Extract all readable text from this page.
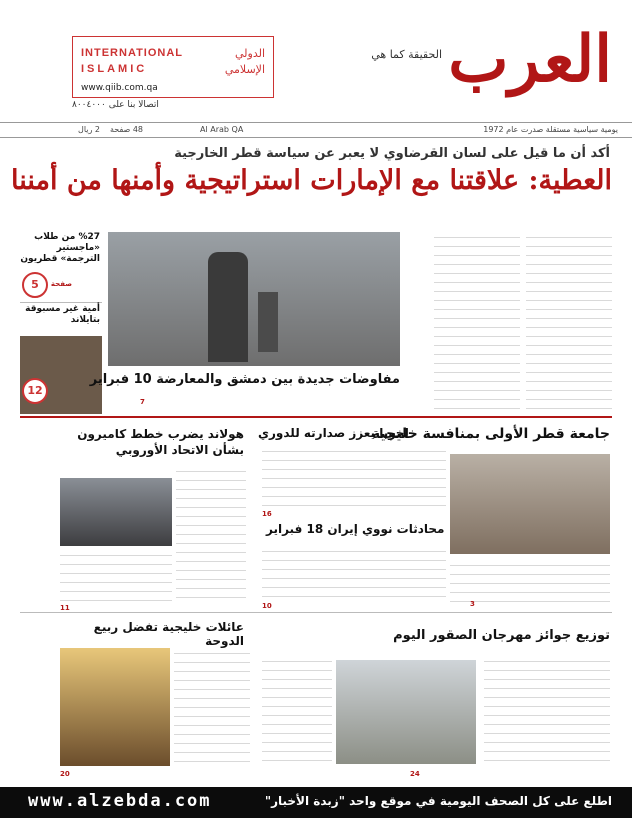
العرب
الحقيقة كما هي
INTERNATIONAL
ISLAMIC
الدولي
الإسلامي
www.qiib.com.qa
اتصالا بنا على ٨٠٠٤٠٠٠
يومية سياسية مستقلة صدرت عام 1972
Al Arab QA
48 صفحة
2 ريال
أكد أن ما قيل على لسان القرضاوي لا يعبر عن سياسة قطر الخارجية
العطية: علاقتنا مع الإمارات استراتيجية وأمنها من أمننا
%27 من طلاب «ماجستير الترجمة» قطريون
5	صفحة
أمية غير مسبوقة بتايلاند
12
مفاوضات جديدة بين دمشق والمعارضة 10 فبراير
7
جامعة قطر الأولى بمنافسة خليجية
3
لخويا يعزز صدارته للدوري
16
محادثات نووي إيران 18 فبراير
10
هولاند يضرب خطط كاميرون بشأن الاتحاد الأوروبي
11
عائلات خليجية تفضل ربيع الدوحة
20
توزيع جوائز مهرجان الصقور اليوم
24
www.alzebda.com	اطلع على كل الصحف اليومية في موقع واحد "زبدة الأخبار"
